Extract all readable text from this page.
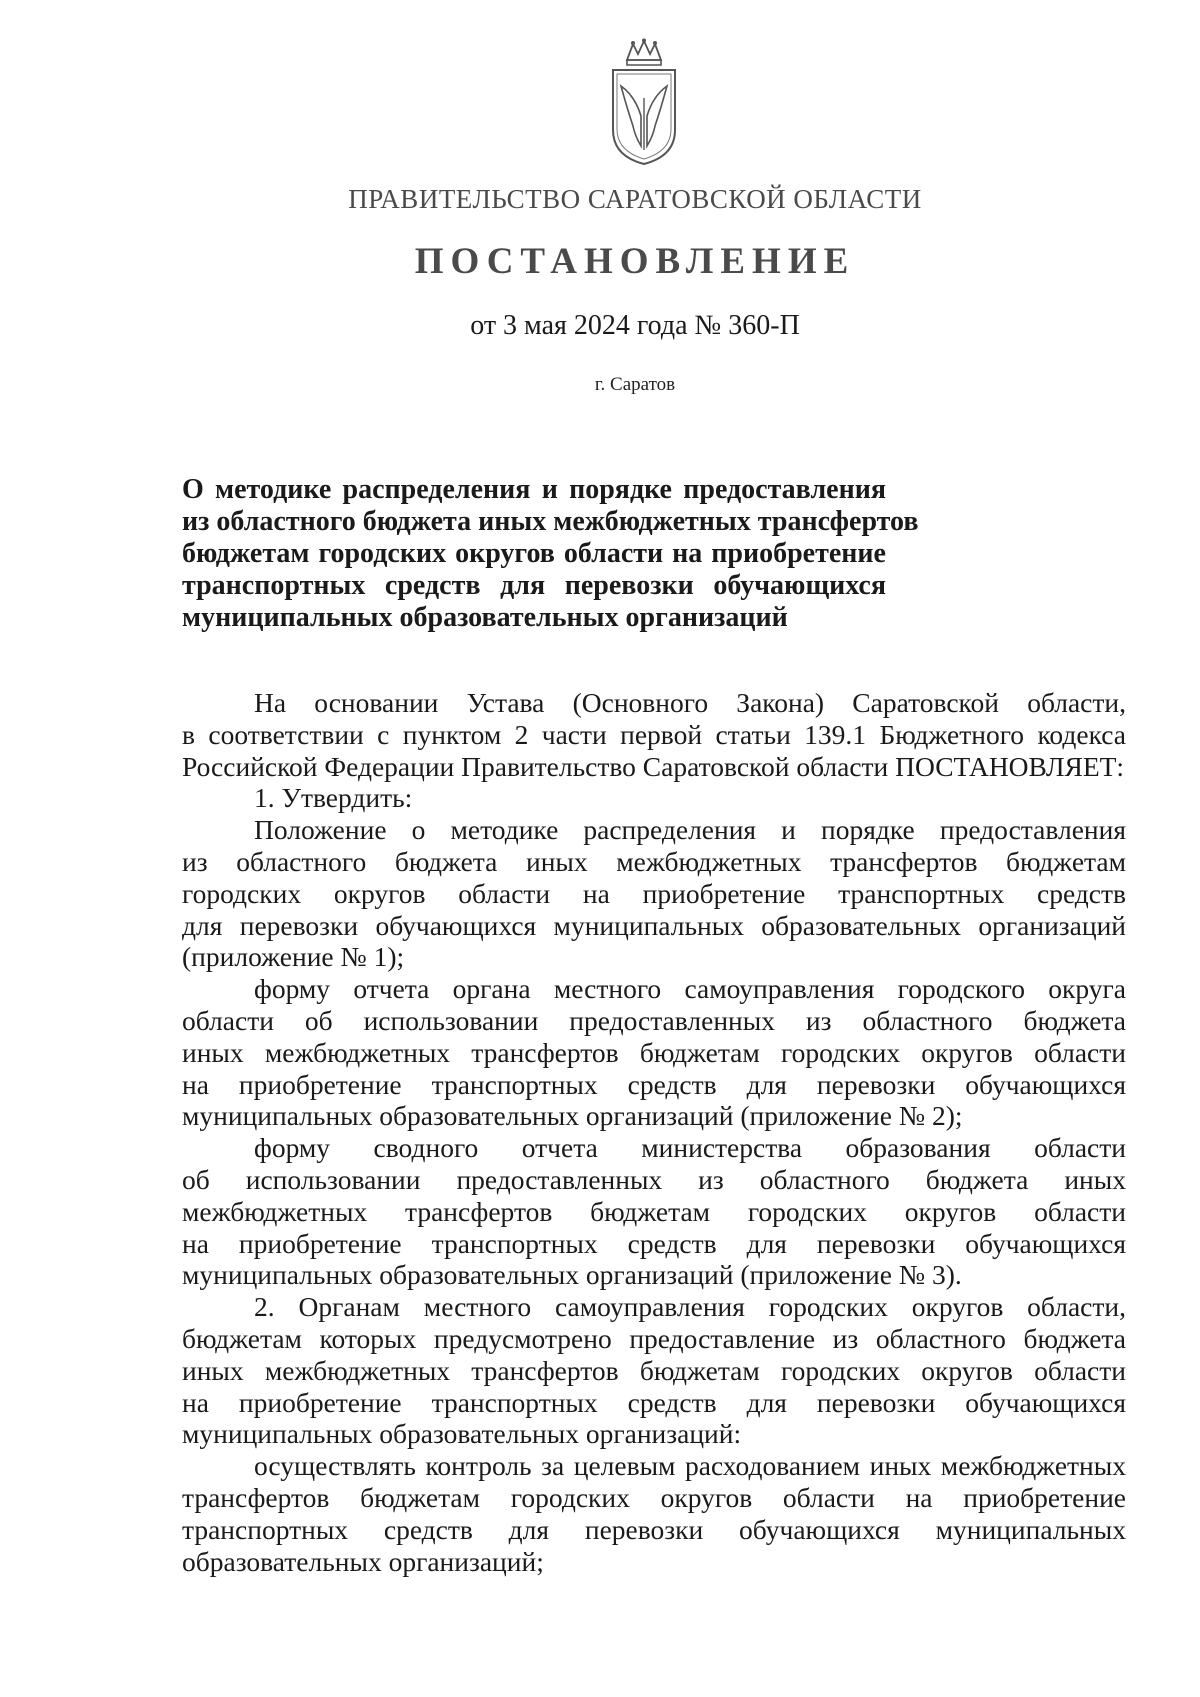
ПРАВИТЕЛЬСТВО САРАТОВСКОЙ ОБЛАСТИ
ПОСТАНОВЛЕНИЕ
от 3 мая 2024 года № 360-П
г. Саратов
О методике распределения и порядке предоставления
из областного бюджета иных межбюджетных трансфертов
бюджетам городских округов области на приобретение
транспортных средств для перевозки обучающихся
муниципальных образовательных организаций
На основании Устава (Основного Закона) Саратовской области,
в соответствии с пунктом 2 части первой статьи 139.1 Бюджетного кодекса
Российской Федерации Правительство Саратовской области ПОСТАНОВЛЯЕТ:
1. Утвердить:
Положение о методике распределения и порядке предоставления
из областного бюджета иных межбюджетных трансфертов бюджетам
городских округов области на приобретение транспортных средств
для перевозки обучающихся муниципальных образовательных организаций
(приложение № 1);
форму отчета органа местного самоуправления городского округа
области об использовании предоставленных из областного бюджета
иных межбюджетных трансфертов бюджетам городских округов области
на приобретение транспортных средств для перевозки обучающихся
муниципальных образовательных организаций (приложение № 2);
форму сводного отчета министерства образования области
об использовании предоставленных из областного бюджета иных
межбюджетных трансфертов бюджетам городских округов области
на приобретение транспортных средств для перевозки обучающихся
муниципальных образовательных организаций (приложение № 3).
2. Органам местного самоуправления городских округов области,
бюджетам которых предусмотрено предоставление из областного бюджета
иных межбюджетных трансфертов бюджетам городских округов области
на приобретение транспортных средств для перевозки обучающихся
муниципальных образовательных организаций:
осуществлять контроль за целевым расходованием иных межбюджетных
трансфертов бюджетам городских округов области на приобретение
транспортных средств для перевозки обучающихся муниципальных
образовательных организаций;
